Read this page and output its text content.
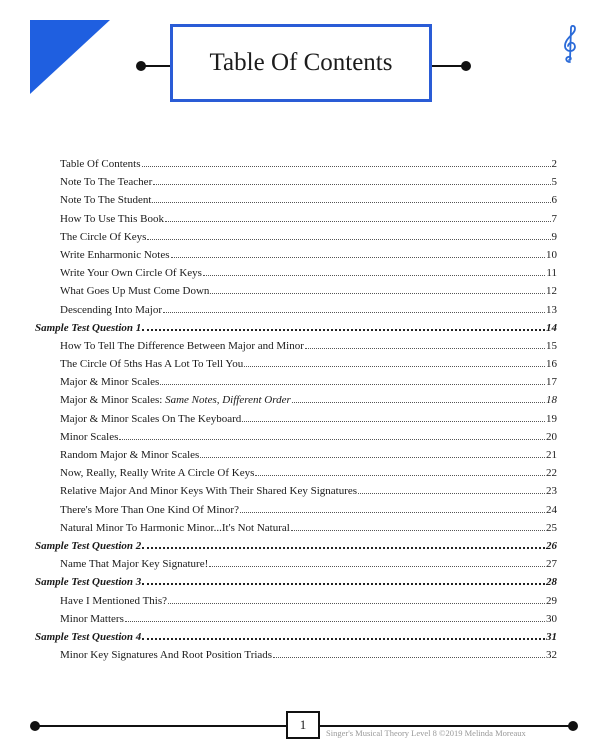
Table Of Contents
Table Of Contents	2
Note To The Teacher	5
Note To The Student	6
How To Use This Book	7
The Circle Of Keys	9
Write Enharmonic Notes	10
Write Your Own Circle Of Keys	11
What Goes Up Must Come Down	12
Descending Into Major	13
Sample Test Question 1	14
How To Tell The Difference Between Major and Minor	15
The Circle Of 5ths Has A Lot To Tell You	16
Major & Minor Scales	17
Major & Minor Scales: Same Notes, Different Order	18
Major & Minor Scales On The Keyboard	19
Minor Scales	20
Random Major & Minor Scales	21
Now, Really, Really Write A Circle Of Keys	22
Relative Major And Minor Keys With Their Shared Key Signatures	23
There's More Than One Kind Of Minor?	24
Natural Minor To Harmonic Minor...It's Not Natural	25
Sample Test Question 2	26
Name That Major Key Signature!	27
Sample Test Question 3	28
Have I Mentioned This?	29
Minor Matters	30
Sample Test Question 4	31
Minor Key Signatures And Root Position Triads	32
1
Singer's Musical Theory Level 8 ©2019 Melinda Moreaux
